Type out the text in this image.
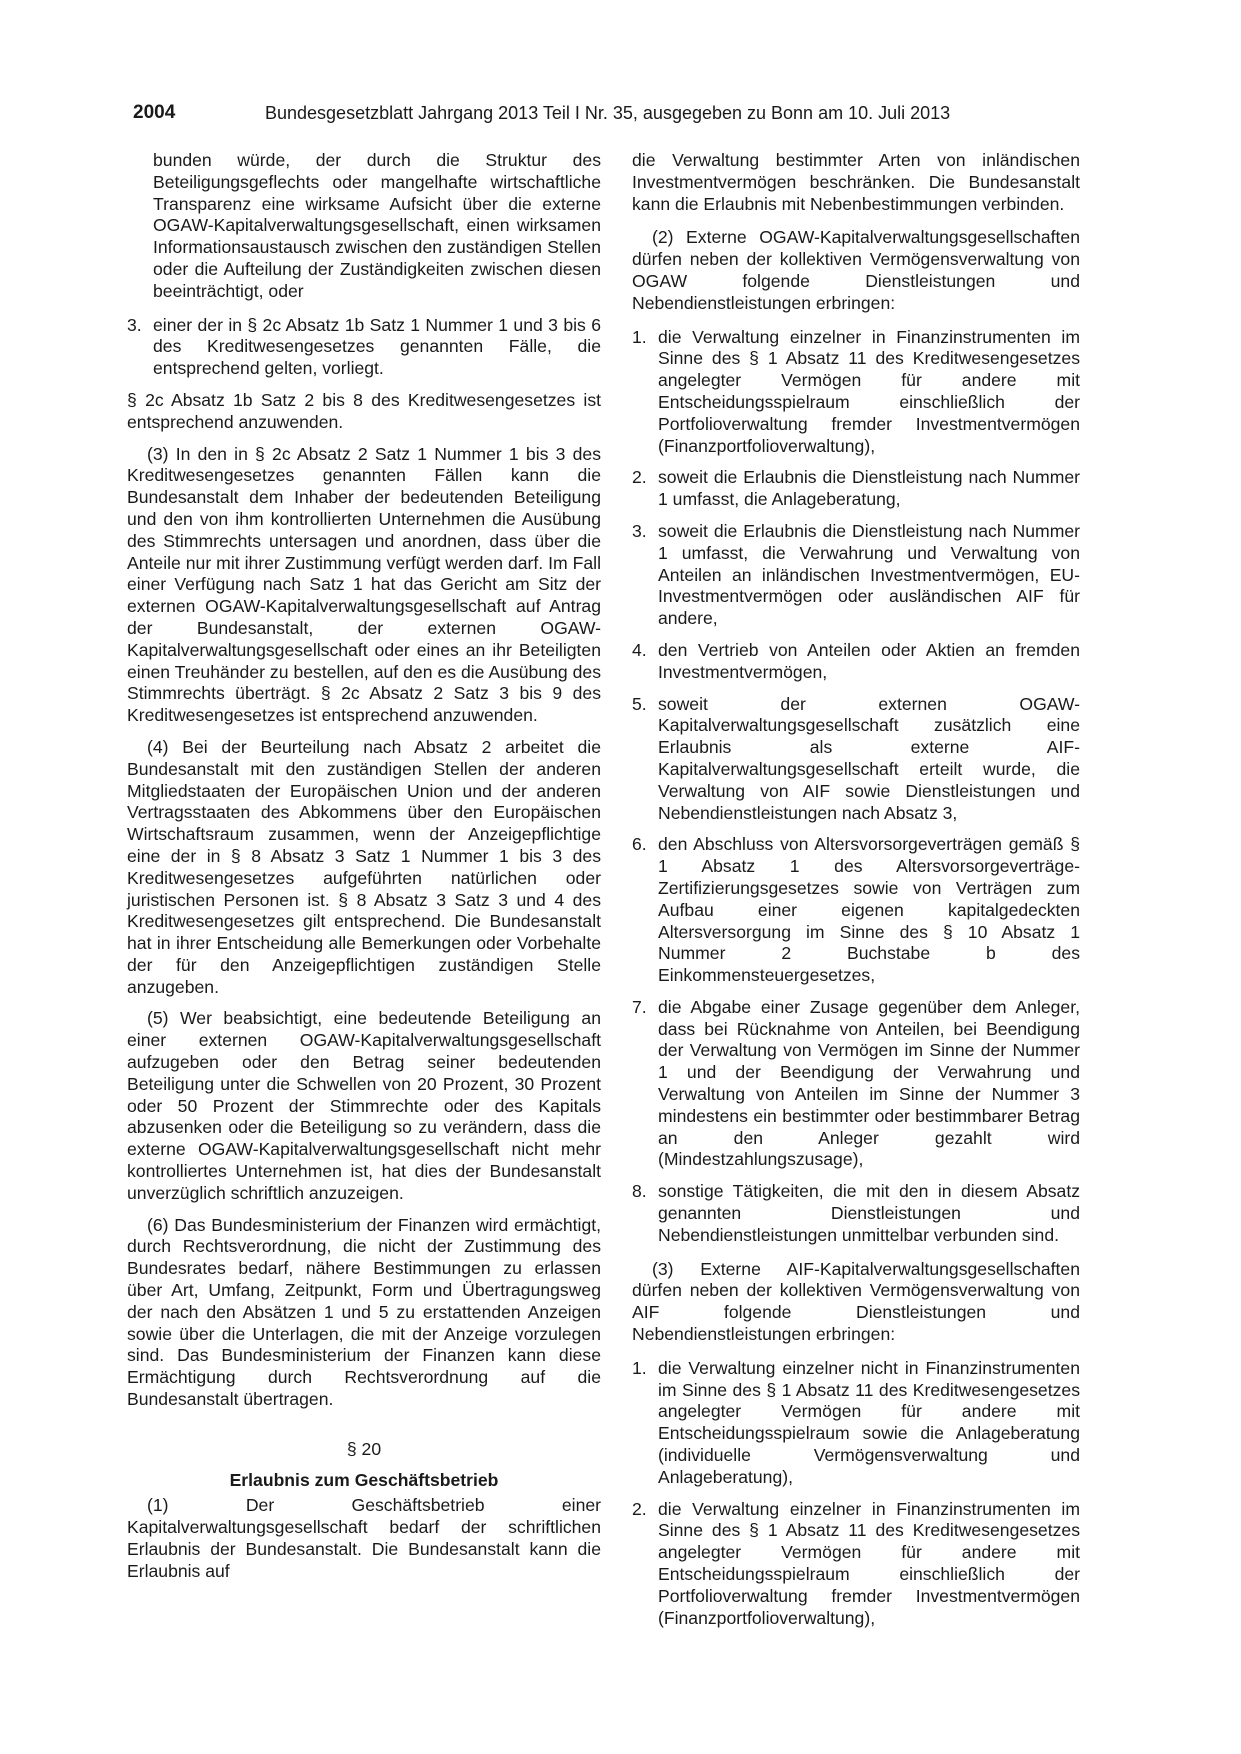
2004	Bundesgesetzblatt Jahrgang 2013 Teil I Nr. 35, ausgegeben zu Bonn am 10. Juli 2013

bunden würde, der durch die Struktur des Beteiligungsgeflechts oder mangelhafte wirtschaftliche Transparenz eine wirksame Aufsicht über die externe OGAW-Kapitalverwaltungsgesellschaft, einen wirksamen Informationsaustausch zwischen den zuständigen Stellen oder die Aufteilung der Zuständigkeiten zwischen diesen beeinträchtigt, oder

3. einer der in § 2c Absatz 1b Satz 1 Nummer 1 und 3 bis 6 des Kreditwesengesetzes genannten Fälle, die entsprechend gelten, vorliegt.

§ 2c Absatz 1b Satz 2 bis 8 des Kreditwesengesetzes ist entsprechend anzuwenden.

(3) In den in § 2c Absatz 2 Satz 1 Nummer 1 bis 3 des Kreditwesengesetzes genannten Fällen kann die Bundesanstalt dem Inhaber der bedeutenden Beteiligung und den von ihm kontrollierten Unternehmen die Ausübung des Stimmrechts untersagen und anordnen, dass über die Anteile nur mit ihrer Zustimmung verfügt werden darf. Im Fall einer Verfügung nach Satz 1 hat das Gericht am Sitz der externen OGAW-Kapitalverwaltungsgesellschaft auf Antrag der Bundesanstalt, der externen OGAW-Kapitalverwaltungsgesellschaft oder eines an ihr Beteiligten einen Treuhänder zu bestellen, auf den es die Ausübung des Stimmrechts überträgt. § 2c Absatz 2 Satz 3 bis 9 des Kreditwesengesetzes ist entsprechend anzuwenden.

(4) Bei der Beurteilung nach Absatz 2 arbeitet die Bundesanstalt mit den zuständigen Stellen der anderen Mitgliedstaaten der Europäischen Union und der anderen Vertragsstaaten des Abkommens über den Europäischen Wirtschaftsraum zusammen, wenn der Anzeigepflichtige eine der in § 8 Absatz 3 Satz 1 Nummer 1 bis 3 des Kreditwesengesetzes aufgeführten natürlichen oder juristischen Personen ist. § 8 Absatz 3 Satz 3 und 4 des Kreditwesengesetzes gilt entsprechend. Die Bundesanstalt hat in ihrer Entscheidung alle Bemerkungen oder Vorbehalte der für den Anzeigepflichtigen zuständigen Stelle anzugeben.

(5) Wer beabsichtigt, eine bedeutende Beteiligung an einer externen OGAW-Kapitalverwaltungsgesellschaft aufzugeben oder den Betrag seiner bedeutenden Beteiligung unter die Schwellen von 20 Prozent, 30 Prozent oder 50 Prozent der Stimmrechte oder des Kapitals abzusenken oder die Beteiligung so zu verändern, dass die externe OGAW-Kapitalverwaltungsgesellschaft nicht mehr kontrolliertes Unternehmen ist, hat dies der Bundesanstalt unverzüglich schriftlich anzuzeigen.

(6) Das Bundesministerium der Finanzen wird ermächtigt, durch Rechtsverordnung, die nicht der Zustimmung des Bundesrates bedarf, nähere Bestimmungen zu erlassen über Art, Umfang, Zeitpunkt, Form und Übertragungsweg der nach den Absätzen 1 und 5 zu erstattenden Anzeigen sowie über die Unterlagen, die mit der Anzeige vorzulegen sind. Das Bundesministerium der Finanzen kann diese Ermächtigung durch Rechtsverordnung auf die Bundesanstalt übertragen.

§ 20

Erlaubnis zum Geschäftsbetrieb

(1) Der Geschäftsbetrieb einer Kapitalverwaltungsgesellschaft bedarf der schriftlichen Erlaubnis der Bundesanstalt. Die Bundesanstalt kann die Erlaubnis auf

die Verwaltung bestimmter Arten von inländischen Investmentvermögen beschränken. Die Bundesanstalt kann die Erlaubnis mit Nebenbestimmungen verbinden.

(2) Externe OGAW-Kapitalverwaltungsgesellschaften dürfen neben der kollektiven Vermögensverwaltung von OGAW folgende Dienstleistungen und Nebendienstleistungen erbringen:

1. die Verwaltung einzelner in Finanzinstrumenten im Sinne des § 1 Absatz 11 des Kreditwesengesetzes angelegter Vermögen für andere mit Entscheidungsspielraum einschließlich der Portfolioverwaltung fremder Investmentvermögen (Finanzportfolioverwaltung),
2. soweit die Erlaubnis die Dienstleistung nach Nummer 1 umfasst, die Anlageberatung,
3. soweit die Erlaubnis die Dienstleistung nach Nummer 1 umfasst, die Verwahrung und Verwaltung von Anteilen an inländischen Investmentvermögen, EU-Investmentvermögen oder ausländischen AIF für andere,
4. den Vertrieb von Anteilen oder Aktien an fremden Investmentvermögen,
5. soweit der externen OGAW-Kapitalverwaltungsgesellschaft zusätzlich eine Erlaubnis als externe AIF-Kapitalverwaltungsgesellschaft erteilt wurde, die Verwaltung von AIF sowie Dienstleistungen und Nebendienstleistungen nach Absatz 3,
6. den Abschluss von Altersvorsorgeverträgen gemäß § 1 Absatz 1 des Altersvorsorgeverträge-Zertifizierungsgesetzes sowie von Verträgen zum Aufbau einer eigenen kapitalgedeckten Altersversorgung im Sinne des § 10 Absatz 1 Nummer 2 Buchstabe b des Einkommensteuergesetzes,
7. die Abgabe einer Zusage gegenüber dem Anleger, dass bei Rücknahme von Anteilen, bei Beendigung der Verwaltung von Vermögen im Sinne der Nummer 1 und der Beendigung der Verwahrung und Verwaltung von Anteilen im Sinne der Nummer 3 mindestens ein bestimmter oder bestimmbarer Betrag an den Anleger gezahlt wird (Mindestzahlungszusage),
8. sonstige Tätigkeiten, die mit den in diesem Absatz genannten Dienstleistungen und Nebendienstleistungen unmittelbar verbunden sind.

(3) Externe AIF-Kapitalverwaltungsgesellschaften dürfen neben der kollektiven Vermögensverwaltung von AIF folgende Dienstleistungen und Nebendienstleistungen erbringen:

1. die Verwaltung einzelner nicht in Finanzinstrumenten im Sinne des § 1 Absatz 11 des Kreditwesengesetzes angelegter Vermögen für andere mit Entscheidungsspielraum sowie die Anlageberatung (individuelle Vermögensverwaltung und Anlageberatung),
2. die Verwaltung einzelner in Finanzinstrumenten im Sinne des § 1 Absatz 11 des Kreditwesengesetzes angelegter Vermögen für andere mit Entscheidungsspielraum einschließlich der Portfolioverwaltung fremder Investmentvermögen (Finanzportfolioverwaltung),
